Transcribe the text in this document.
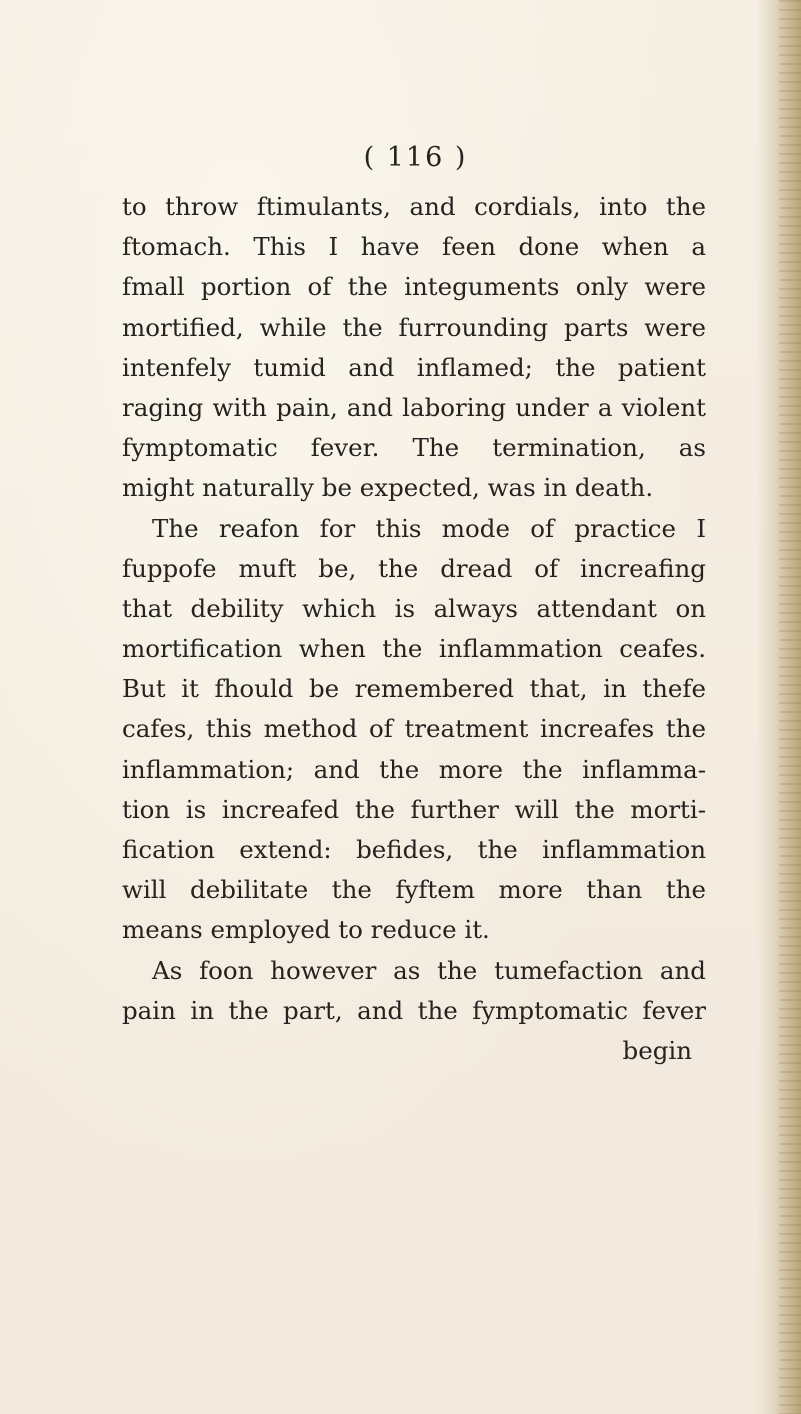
( 116 )
to throw ftimulants, and cordials, into the
ftomach. This I have feen done when a
fmall portion of the integuments only were
mortified, while the furrounding parts were
intenfely tumid and inflamed; the patient
raging with pain, and laboring under a violent
fymptomatic fever. The termination, as
might naturally be expected, was in death.
The reafon for this mode of practice I
fuppofe muft be, the dread of increafing
that debility which is always attendant on
mortification when the inflammation ceafes.
But it fhould be remembered that, in thefe
cafes, this method of treatment increafes the
inflammation; and the more the inflamma-
tion is increafed the further will the morti-
fication extend: befides, the inflammation
will debilitate the fyftem more than the
means employed to reduce it.
As foon however as the tumefaction and
pain in the part, and the fymptomatic fever
begin
